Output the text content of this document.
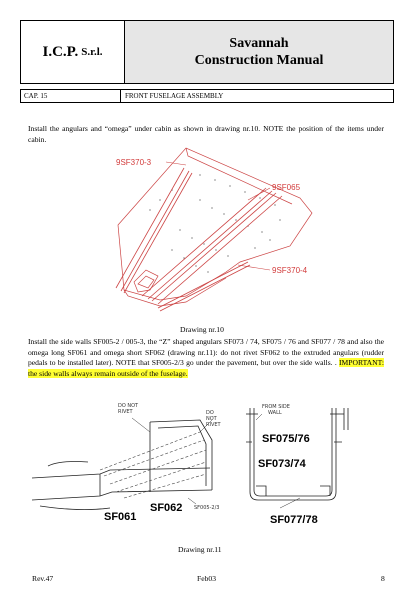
I.C.P. S.r.l.
Savannah
Construction Manual
CAP. 15	FRONT FUSELAGE ASSEMBLY
Install the angulars and “omega” under cabin as shown in drawing nr.10. NOTE the position of the items under cabin.
9SF370-3
9SF065
9SF370-4
Drawing nr.10
Install the side walls SF005-2 / 005-3, the “Z” shaped angulars SF073 / 74, SF075 / 76 and SF077 / 78 and also the omega long SF061 and omega short SF062 (drawing nr.11): do not rivet SF062 to the extruded angulars (rudder pedals to be installed later). NOTE that SF005-2/3 go under the pavement, but over the side walls. . IMPORTANT: the side walls always remain outside of the fuselage.
DO NOT
RIVET	DO
NOT
RIVET
SF061
SF062 SF005-2/3
FROM SIDE
WALL
SF075/76
SF073/74
SF077/78
Drawing nr.11
Rev.47	Feb03	8
